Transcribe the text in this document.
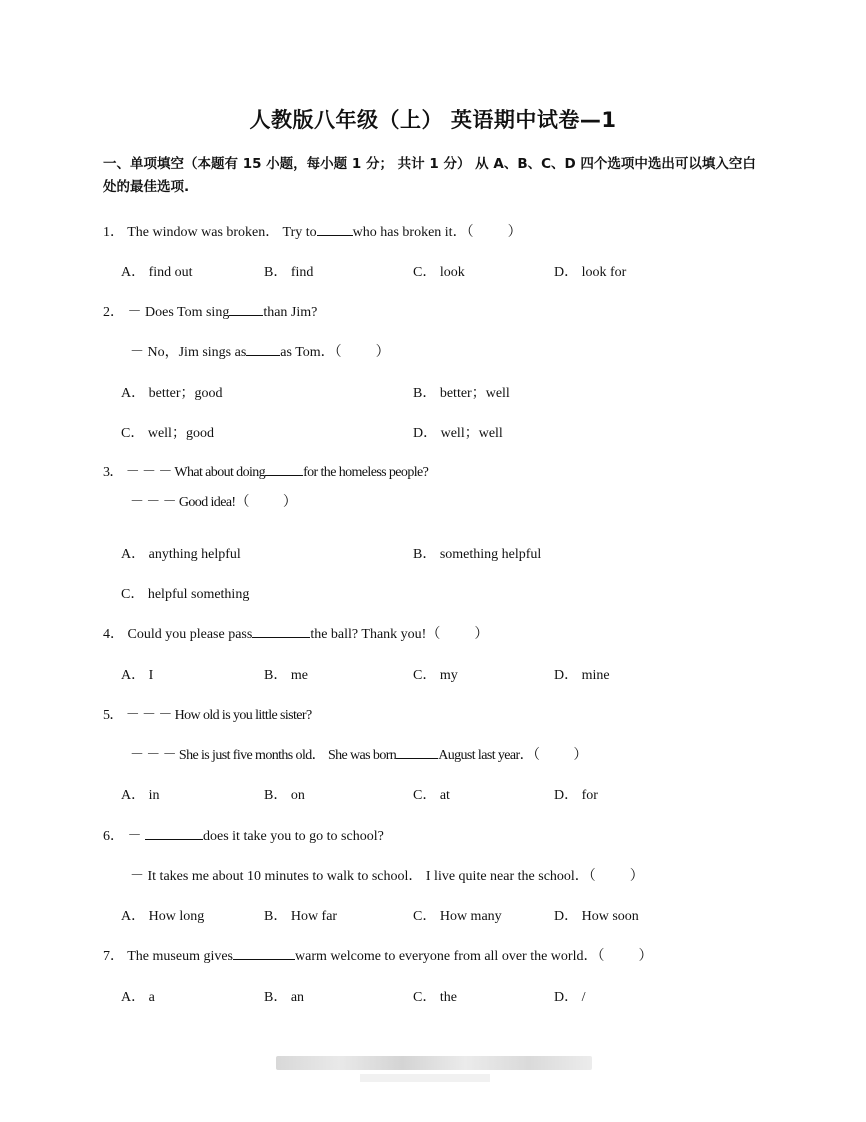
人教版八年级（上） 英语期中试卷—1
一、单项填空（本题有 15 小题，每小题 1 分； 共计 1 分） 从 A、B、C、D 四个选项中选出可以填入空白处的最佳选项.
1． The window was broken． Try to	who has broken it．（ ）
A． find out	B． find	C． look	D． look for
2． － Does Tom sing than Jim?
－ No，Jim sings as as Tom．（ ）
A． better；good	B． better；well
C． well；good	D． well；well
3． － － － What about doing	for the homeless people?
－ － － Good idea!（ ）
A． anything helpful	B． something helpful
C． helpful something
4． Could you please pass	the ball? Thank you!（ ）
A． I	B． me	C． my	D． mine
5． － － － How old is you little sister?
－ － － She is just five months old． She was born	August last year．（ ）
A． in	B． on	C． at	D． for
6． －	does it take you to go to school?
－ It takes me about 10 minutes to walk to school． I live quite near the school．（ ）
A． How long	B． How far	C． How many	D． How soon
7． The museum gives	warm welcome to everyone from all over the world．（ ）
A． a	B． an	C． the	D． /
